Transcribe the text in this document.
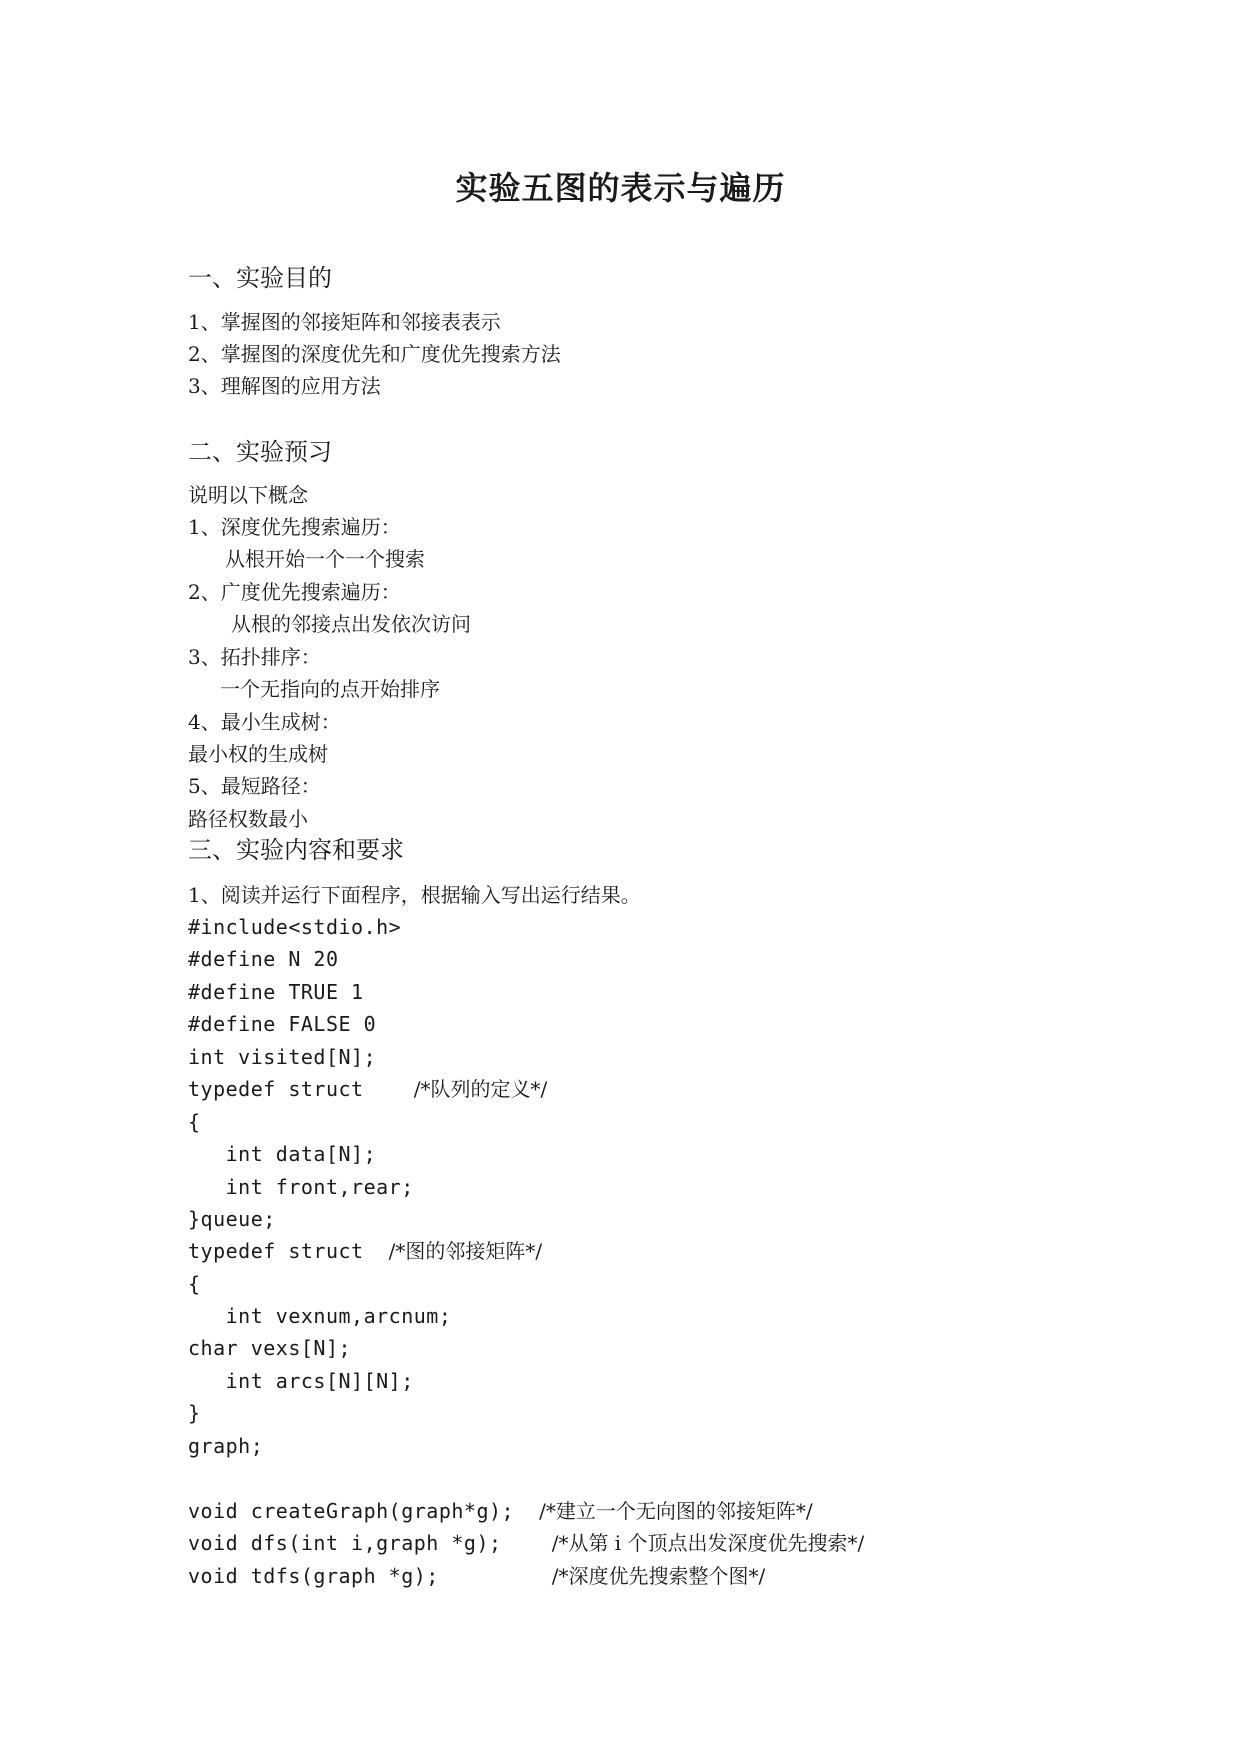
实验五图的表示与遍历
一、实验目的
1、掌握图的邻接矩阵和邻接表表示
2、掌握图的深度优先和广度优先搜索方法
3、理解图的应用方法
二、实验预习
说明以下概念
1、深度优先搜索遍历：
从根开始一个一个搜索
2、广度优先搜索遍历：
从根的邻接点出发依次访问
3、拓扑排序：
一个无指向的点开始排序
4、最小生成树：
最小权的生成树
5、最短路径：
路径权数最小
三、实验内容和要求
1、阅读并运行下面程序，根据输入写出运行结果。
#include<stdio.h>
#define N 20
#define TRUE 1
#define FALSE 0
int visited[N];
typedef struct    /*队列的定义*/
{
int data[N];
int front,rear;
}queue;
typedef struct  /*图的邻接矩阵*/
{
int vexnum,arcnum;
char vexs[N];
int arcs[N][N];
}
graph;
void createGraph(graph*g);  /*建立一个无向图的邻接矩阵*/
void dfs(int i,graph *g);    /*从第 i 个顶点出发深度优先搜索*/
void tdfs(graph *g);         /*深度优先搜索整个图*/
